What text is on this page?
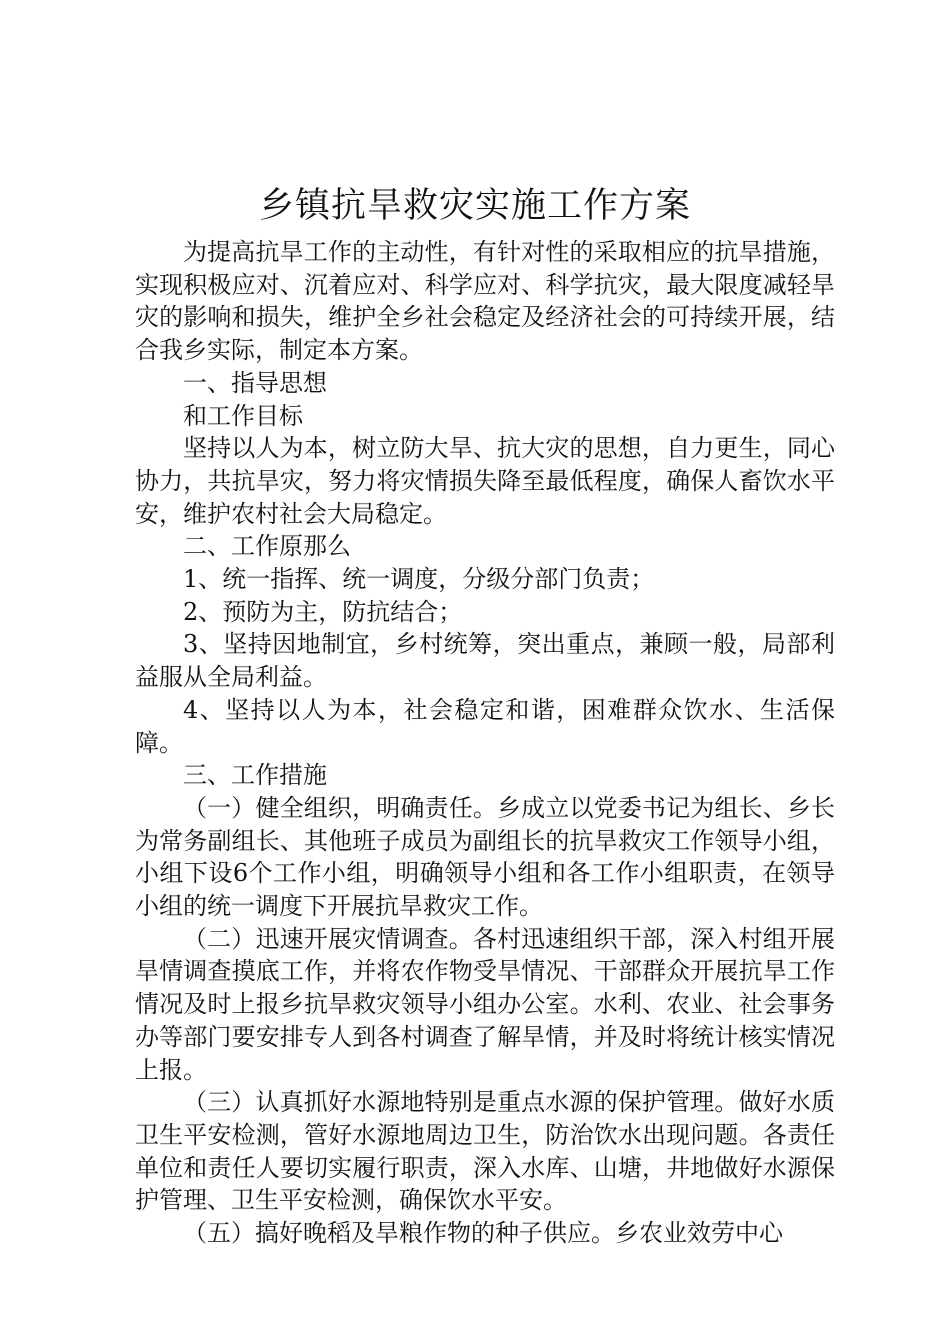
乡镇抗旱救灾实施工作方案

为提高抗旱工作的主动性，有针对性的采取相应的抗旱措施，实现积极应对、沉着应对、科学应对、科学抗灾，最大限度减轻旱灾的影响和损失，维护全乡社会稳定及经济社会的可持续开展，结合我乡实际，制定本方案。

一、指导思想

和工作目标

坚持以人为本，树立防大旱、抗大灾的思想，自力更生，同心协力，共抗旱灾，努力将灾情损失降至最低程度，确保人畜饮水平安，维护农村社会大局稳定。

二、工作原那么

1、统一指挥、统一调度，分级分部门负责；

2、预防为主，防抗结合；

3、坚持因地制宜，乡村统筹，突出重点，兼顾一般，局部利益服从全局利益。

4、坚持以人为本，社会稳定和谐，困难群众饮水、生活保障。

三、工作措施

（一）健全组织，明确责任。乡成立以党委书记为组长、乡长为常务副组长、其他班子成员为副组长的抗旱救灾工作领导小组，小组下设6个工作小组，明确领导小组和各工作小组职责，在领导小组的统一调度下开展抗旱救灾工作。

（二）迅速开展灾情调查。各村迅速组织干部，深入村组开展旱情调查摸底工作，并将农作物受旱情况、干部群众开展抗旱工作情况及时上报乡抗旱救灾领导小组办公室。水利、农业、社会事务办等部门要安排专人到各村调查了解旱情，并及时将统计核实情况上报。

（三）认真抓好水源地特别是重点水源的保护管理。做好水质卫生平安检测，管好水源地周边卫生，防治饮水出现问题。各责任单位和责任人要切实履行职责，深入水库、山塘，井地做好水源保护管理、卫生平安检测，确保饮水平安。

（五）搞好晚稻及旱粮作物的种子供应。乡农业效劳中心
